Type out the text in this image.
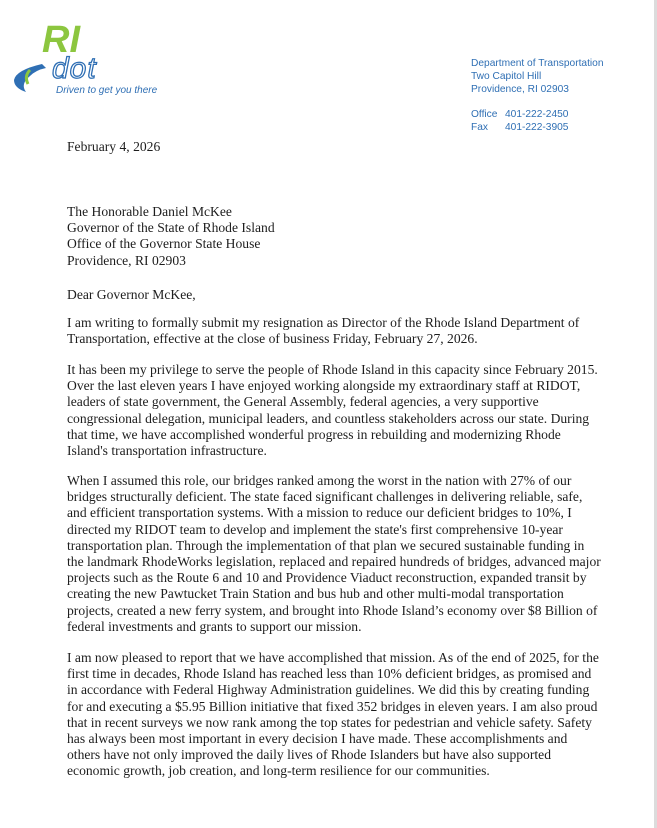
RI
dot
Driven to get you there
Department of Transportation
Two Capitol Hill
Providence, RI 02903
Office 401-222-2450
Fax	401-222-3905
February 4, 2026
The Honorable Daniel McKee
Governor of the State of Rhode Island
Office of the Governor State House
Providence, RI 02903
Dear Governor McKee,
I am writing to formally submit my resignation as Director of the Rhode Island Department of
Transportation, effective at the close of business Friday, February 27, 2026.
It has been my privilege to serve the people of Rhode Island in this capacity since February 2015.
Over the last eleven years I have enjoyed working alongside my extraordinary staff at RIDOT,
leaders of state government, the General Assembly, federal agencies, a very supportive
congressional delegation, municipal leaders, and countless stakeholders across our state. During
that time, we have accomplished wonderful progress in rebuilding and modernizing Rhode
Island's transportation infrastructure.
When I assumed this role, our bridges ranked among the worst in the nation with 27% of our
bridges structurally deficient. The state faced significant challenges in delivering reliable, safe,
and efficient transportation systems. With a mission to reduce our deficient bridges to 10%, I
directed my RIDOT team to develop and implement the state's first comprehensive 10-year
transportation plan. Through the implementation of that plan we secured sustainable funding in
the landmark RhodeWorks legislation, replaced and repaired hundreds of bridges, advanced major
projects such as the Route 6 and 10 and Providence Viaduct reconstruction, expanded transit by
creating the new Pawtucket Train Station and bus hub and other multi-modal transportation
projects, created a new ferry system, and brought into Rhode Island’s economy over $8 Billion of
federal investments and grants to support our mission.
I am now pleased to report that we have accomplished that mission. As of the end of 2025, for the
first time in decades, Rhode Island has reached less than 10% deficient bridges, as promised and
in accordance with Federal Highway Administration guidelines. We did this by creating funding
for and executing a $5.95 Billion initiative that fixed 352 bridges in eleven years. I am also proud
that in recent surveys we now rank among the top states for pedestrian and vehicle safety. Safety
has always been most important in every decision I have made. These accomplishments and
others have not only improved the daily lives of Rhode Islanders but have also supported
economic growth, job creation, and long-term resilience for our communities.
